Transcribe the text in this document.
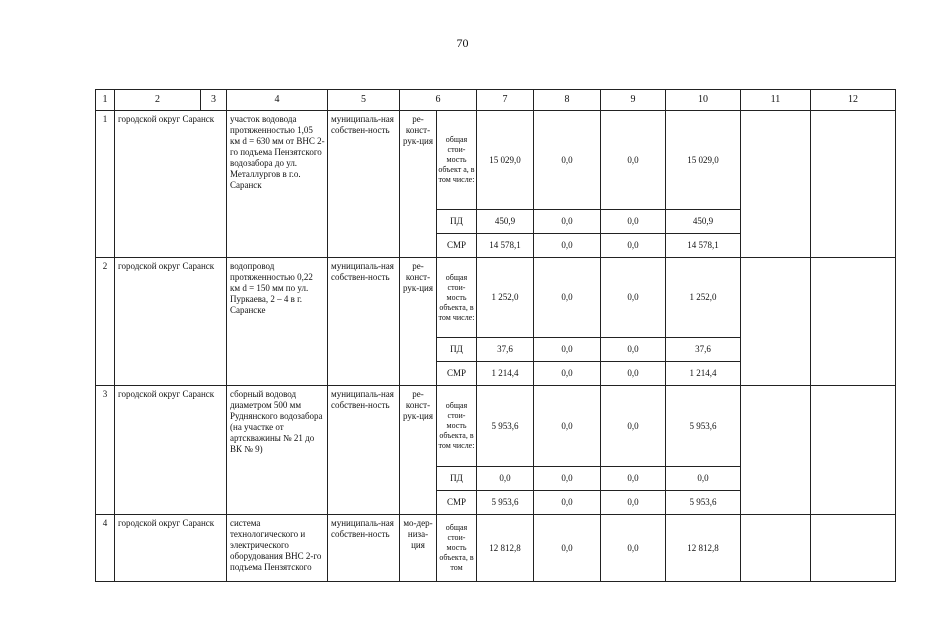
70
1	2	3	4	5	6		7	8	9	10	11	12
1	городской округ Саранск		участок водовода протяженностью 1,05 км d = 630 мм от ВНС 2-го подъема Пензятского водозабора до ул. Металлургов в г.о. Саранск	муниципаль-ная собствен-ность	ре-конст-рук-ция	общая стои-мость объект а, в том числе:	15 029,0	0,0	0,0	15 029,0		
						ПД	450,9	0,0	0,0	450,9		
						СМР	14 578,1	0,0	0,0	14 578,1		
2	городской округ Саранск		водопровод протяженностью 0,22 км d = 150 мм по ул. Пуркаева, 2 – 4 в г. Саранске	муниципаль-ная собствен-ность	ре-конст-рук-ция	общая стои-мость объекта, в том числе:	1 252,0	0,0	0,0	1 252,0		
						ПД	37,6	0,0	0,0	37,6		
						СМР	1 214,4	0,0	0,0	1 214,4		
3	городской округ Саранск		сборный водовод диаметром 500 мм Руднянского водозабора (на участке от артскважины № 21 до ВК № 9)	муниципаль-ная собствен-ность	ре-конст-рук-ция	общая стои-мость объекта, в том числе:	5 953,6	0,0	0,0	5 953,6		
						ПД	0,0	0,0	0,0	0,0		
						СМР	5 953,6	0,0	0,0	5 953,6		
4	городской округ Саранск		система технологического и электрического оборудования ВНС 2-го подъема Пензятского	муниципаль-ная собствен-ность	мо-дер-низа-ция	общая стои-мость объекта, в том	12 812,8	0,0	0,0	12 812,8		
